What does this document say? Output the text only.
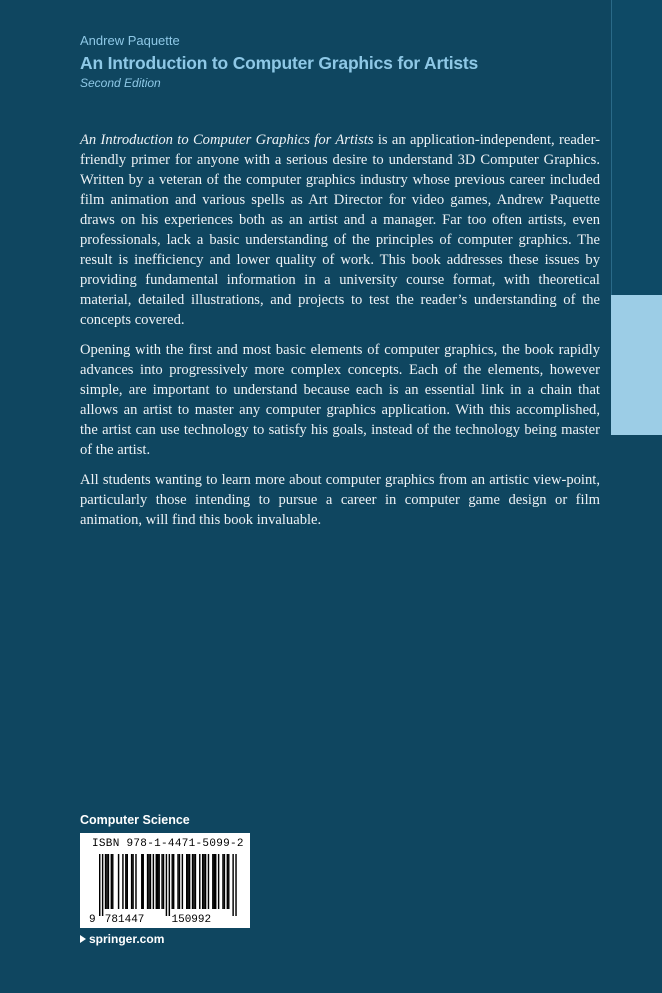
Andrew Paquette
An Introduction to Computer Graphics for Artists
Second Edition

An Introduction to Computer Graphics for Artists is an application-independent, reader-friendly primer for anyone with a serious desire to understand 3D Computer Graphics. Written by a veteran of the computer graphics industry whose previous career included film animation and various spells as Art Director for video games, Andrew Paquette draws on his experiences both as an artist and a manager. Far too often artists, even professionals, lack a basic understanding of the principles of computer graphics. The result is inefficiency and lower quality of work. This book addresses these issues by providing fundamental information in a university course format, with theoretical material, detailed illustrations, and projects to test the reader’s understanding of the concepts covered.

Opening with the first and most basic elements of computer graphics, the book rapidly advances into progressively more complex concepts. Each of the elements, however simple, are important to understand because each is an essential link in a chain that allows an artist to master any computer graphics application. With this accomplished, the artist can use technology to satisfy his goals, instead of the technology being master of the artist.

All students wanting to learn more about computer graphics from an artistic view-point, particularly those intending to pursue a career in computer game design or film animation, will find this book invaluable.

Computer Science
ISBN 978-1-4471-5099-2
9 781447 150992
springer.com
